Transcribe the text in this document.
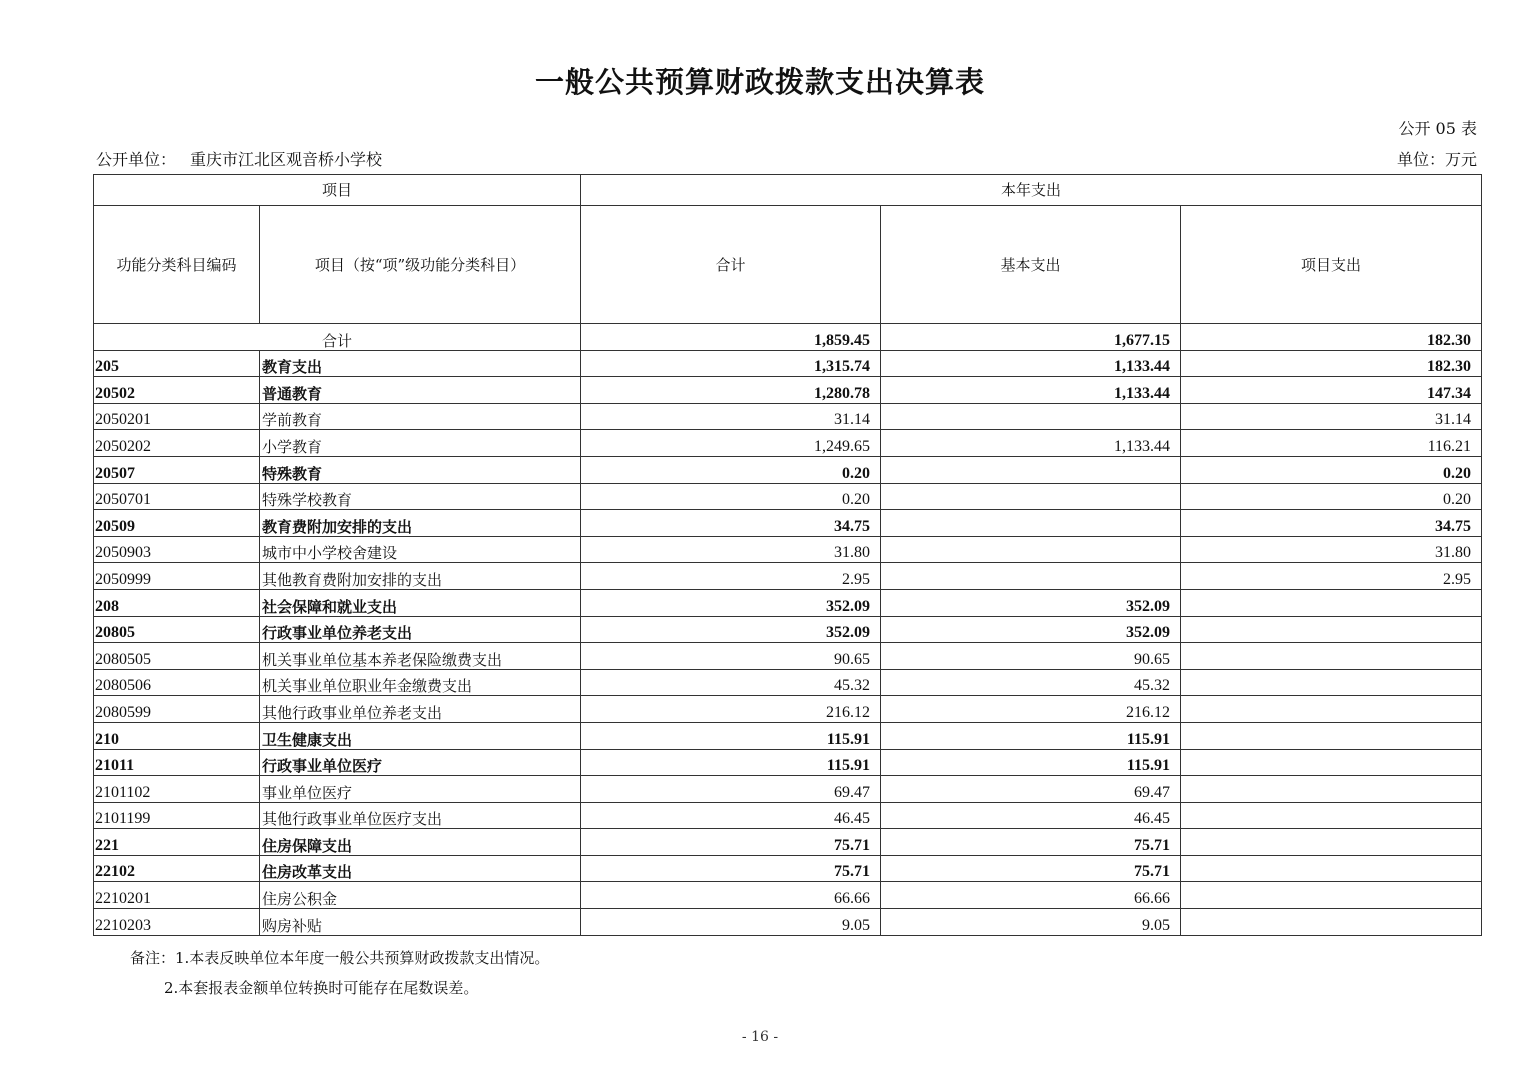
一般公共预算财政拨款支出决算表
公开 05 表
公开单位： 重庆市江北区观音桥小学校	单位：万元
项目		本年支出		
功能分类科目编码	项目（按“项”级功能分类科目）	合计	基本支出	项目支出
合计		1,859.45	1,677.15	182.30
205	教育支出	1,315.74	1,133.44	182.30
20502	普通教育	1,280.78	1,133.44	147.34
2050201	学前教育	31.14		31.14
2050202	小学教育	1,249.65	1,133.44	116.21
20507	特殊教育	0.20		0.20
2050701	特殊学校教育	0.20		0.20
20509	教育费附加安排的支出	34.75		34.75
2050903	城市中小学校舍建设	31.80		31.80
2050999	其他教育费附加安排的支出	2.95		2.95
208	社会保障和就业支出	352.09	352.09	
20805	行政事业单位养老支出	352.09	352.09	
2080505	机关事业单位基本养老保险缴费支出	90.65	90.65	
2080506	机关事业单位职业年金缴费支出	45.32	45.32	
2080599	其他行政事业单位养老支出	216.12	216.12	
210	卫生健康支出	115.91	115.91	
21011	行政事业单位医疗	115.91	115.91	
2101102	事业单位医疗	69.47	69.47	
2101199	其他行政事业单位医疗支出	46.45	46.45	
221	住房保障支出	75.71	75.71	
22102	住房改革支出	75.71	75.71	
2210201	住房公积金	66.66	66.66	
2210203	购房补贴	9.05	9.05	
备注：1.本表反映单位本年度一般公共预算财政拨款支出情况。
2.本套报表金额单位转换时可能存在尾数误差。
- 16 -
